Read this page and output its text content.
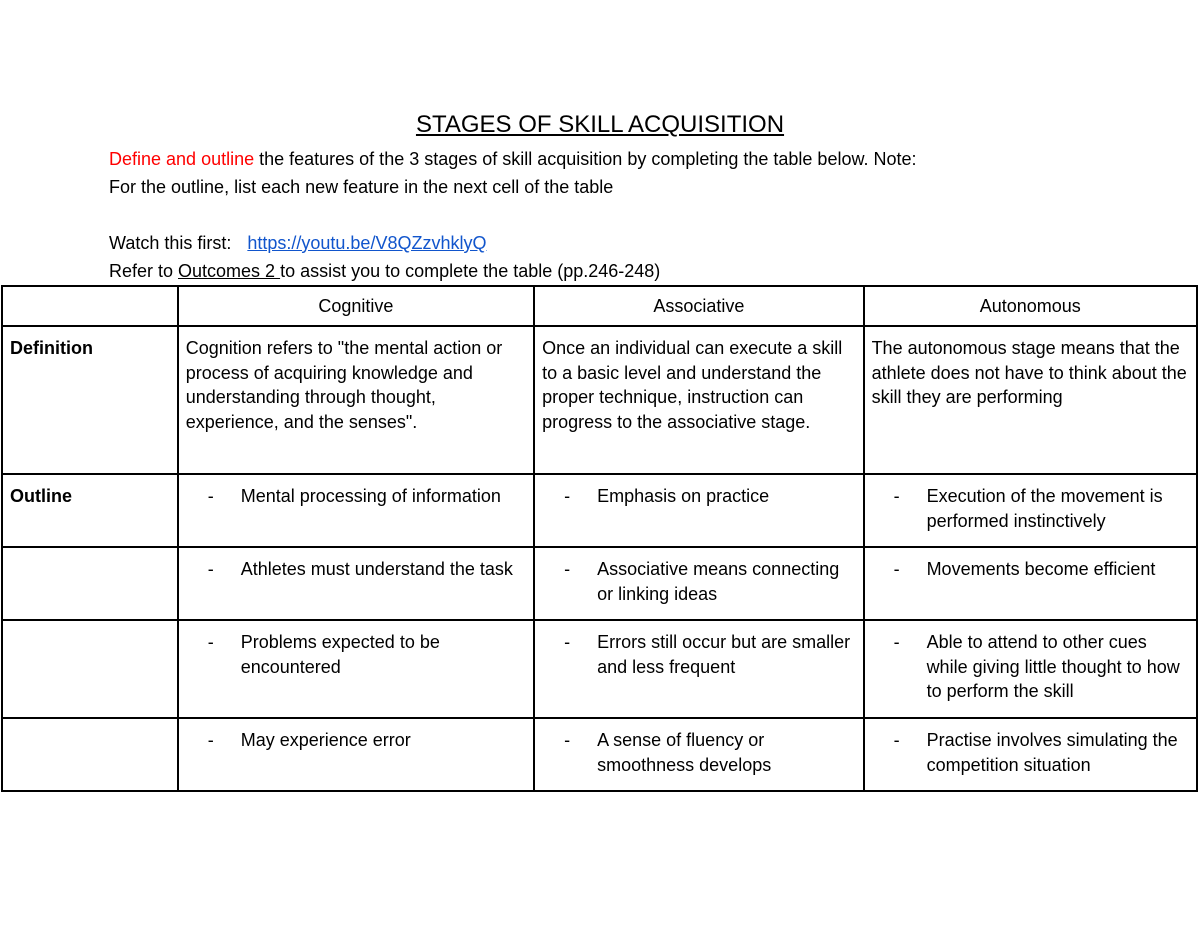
STAGES OF SKILL ACQUISITION
Define and outline the features of the 3 stages of skill acquisition by completing the table below. Note:
For the outline, list each new feature in the next cell of the table
Watch this first: https://youtu.be/V8QZzvhklyQ
Refer to Outcomes 2 to assist you to complete the table (pp.246-248)
	Cognitive	Associative	Autonomous
Definition	Cognition refers to "the mental action or process of acquiring knowledge and understanding through thought, experience, and the senses".	Once an individual can execute a skill to a basic level and understand the proper technique, instruction can progress to the associative stage.	The autonomous stage means that the athlete does not have to think about the skill they are performing
Outline	- Mental processing of information	- Emphasis on practice	- Execution of the movement is performed instinctively

	- Athletes must understand the task	- Associative means connecting or linking ideas	- Movements become efficient

	- Problems expected to be encountered	- Errors still occur but are smaller and less frequent	- Able to attend to other cues while giving little thought to how to perform the skill

	- May experience error	- A sense of fluency or smoothness develops	- Practise involves simulating the competition situation
